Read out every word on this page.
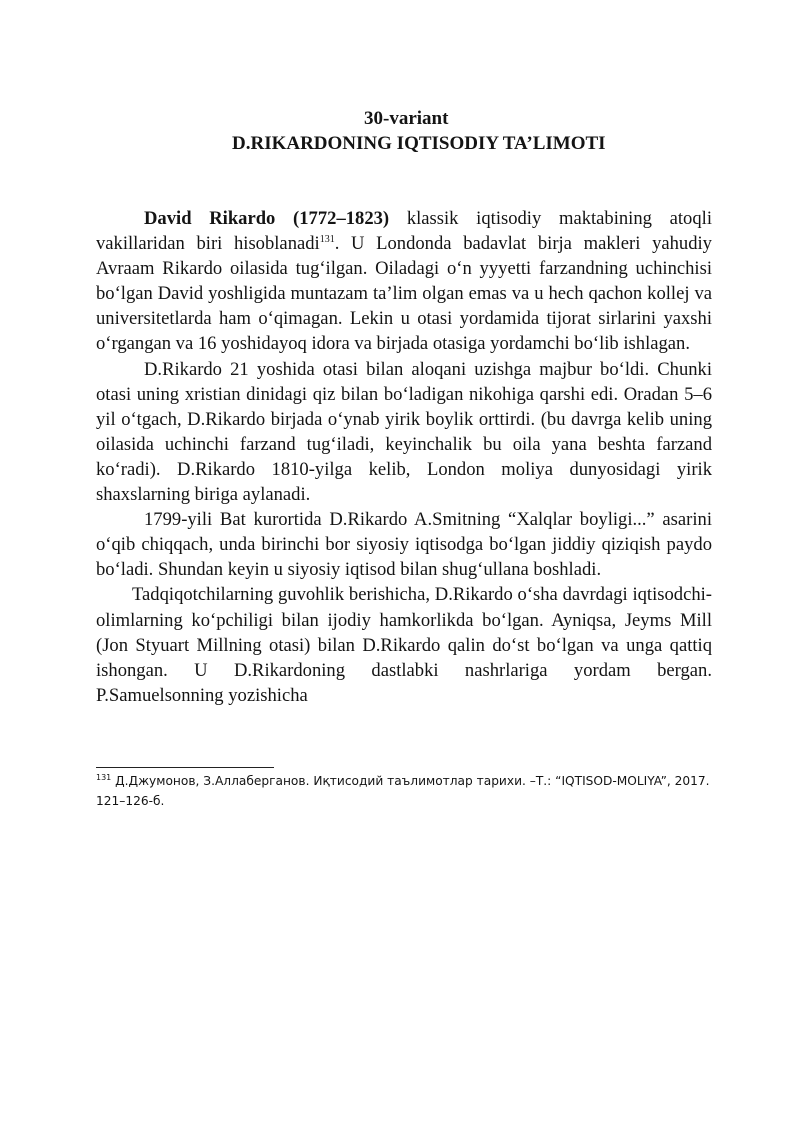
30-variant
D.RIKARDONING IQTISODIY TA’LIMOTI

David Rikardo (1772–1823) klassik iqtisodiy maktabining atoqli vakillaridan biri hisoblanadi$^{131}$. U Londonda badavlat birja makleri yahudiy Avraam Rikardo oilasida tug‘ilgan. Oiladagi o‘n yyyetti farzandning uchinchisi bo‘lgan David yoshligida muntazam ta’lim olgan emas va u hech qachon kollej va universitetlarda ham o‘qimagan. Lekin u otasi yordamida tijorat sirlarini yaxshi o‘rgangan va 16 yoshidayoq idora va birjada otasiga yordamchi bo‘lib ishlagan.

D.Rikardo 21 yoshida otasi bilan aloqani uzishga majbur bo‘ldi. Chunki otasi uning xristian dinidagi qiz bilan bo‘ladigan nikohiga qarshi edi. Oradan 5–6 yil o‘tgach, D.Rikardo birjada o‘ynab yirik boylik orttirdi. (bu davrga kelib uning oilasida uchinchi farzand tug‘iladi, keyinchalik bu oila yana beshta farzand ko‘radi). D.Rikardo 1810-yilga kelib, London moliya dunyosidagi yirik shaxslarning biriga aylanadi.

1799-yili Bat kurortida D.Rikardo A.Smitning “Xalqlar boyligi...” asarini o‘qib chiqqach, unda birinchi bor siyosiy iqtisodga bo‘lgan jiddiy qiziqish paydo bo‘ladi. Shundan keyin u siyosiy iqtisod bilan shug‘ullana boshladi.

Tadqiqotchilarning guvohlik berishicha, D.Rikardo o‘sha davrdagi iqtisodchi-olimlarning ko‘pchiligi bilan ijodiy hamkorlikda bo‘lgan. Ayniqsa, Jeyms Mill (Jon Styuart Millning otasi) bilan D.Rikardo qalin do‘st bo‘lgan va unga qattiq ishongan. U D.Rikardoning dastlabki nashrlariga yordam bergan. P.Samuelsonning yozishicha

$^{131}$ Д.Джумонов, З.Аллаберганов. Иқтисодий таълимотлар тарихи. –Т.: “IQTISOD-MOLIYA”, 2017. 121–126-б.
